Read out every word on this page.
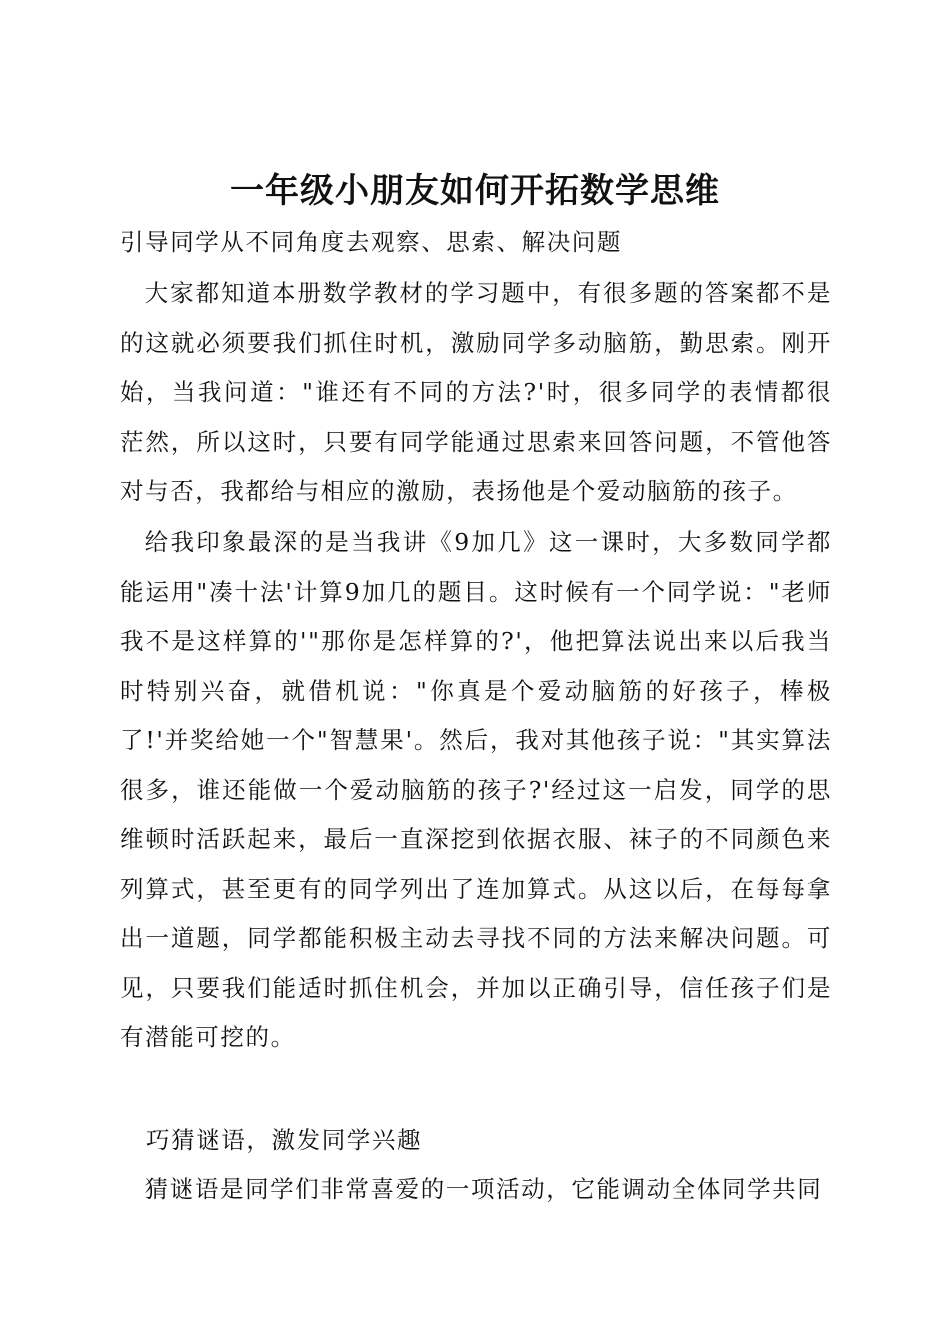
一年级小朋友如何开拓数学思维
引导同学从不同角度去观察、思索、解决问题

大家都知道本册数学教材的学习题中，有很多题的答案都不是的这就必须要我们抓住时机，激励同学多动脑筋，勤思索。刚开始，当我问道："谁还有不同的方法?'时，很多同学的表情都很茫然，所以这时，只要有同学能通过思索来回答问题，不管他答对与否，我都给与相应的激励，表扬他是个爱动脑筋的孩子。

给我印象最深的是当我讲《9加几》这一课时，大多数同学都能运用"凑十法'计算9加几的题目。这时候有一个同学说："老师我不是这样算的'"那你是怎样算的?'，他把算法说出来以后我当时特别兴奋，就借机说："你真是个爱动脑筋的好孩子，棒极了!'并奖给她一个"智慧果'。然后，我对其他孩子说："其实算法很多，谁还能做一个爱动脑筋的孩子?'经过这一启发，同学的思维顿时活跃起来，最后一直深挖到依据衣服、袜子的不同颜色来列算式，甚至更有的同学列出了连加算式。从这以后，在每每拿出一道题，同学都能积极主动去寻找不同的方法来解决问题。可见，只要我们能适时抓住机会，并加以正确引导，信任孩子们是有潜能可挖的。

巧猜谜语，激发同学兴趣

猜谜语是同学们非常喜爱的一项活动，它能调动全体同学共同
